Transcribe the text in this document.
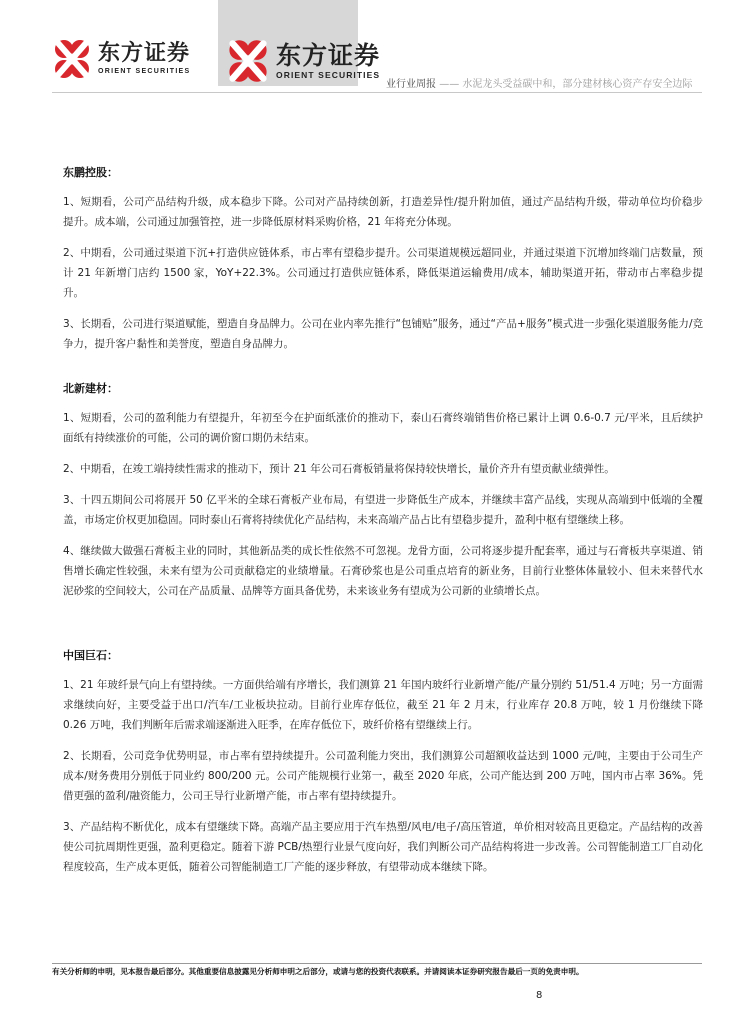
东方证券
ORIENT SECURITIES
东方证券
ORIENT SECURITIES
业行业周报 —— 水泥龙头受益碳中和，部分建材核心资产存安全边际
东鹏控股：

1、短期看，公司产品结构升级，成本稳步下降。公司对产品持续创新，打造差异性/提升附加值，通过产品结构升级，带动单位均价稳步提升。成本端，公司通过加强管控，进一步降低原材料采购价格，21 年将充分体现。

2、中期看，公司通过渠道下沉+打造供应链体系，市占率有望稳步提升。公司渠道规模远超同业，并通过渠道下沉增加终端门店数量，预计 21 年新增门店约 1500 家，YoY+22.3%。公司通过打造供应链体系，降低渠道运输费用/成本，辅助渠道开拓，带动市占率稳步提升。

3、长期看，公司进行渠道赋能，塑造自身品牌力。公司在业内率先推行“包铺贴”服务，通过“产品+服务”模式进一步强化渠道服务能力/竞争力，提升客户黏性和美誉度，塑造自身品牌力。

北新建材：

1、短期看，公司的盈利能力有望提升，年初至今在护面纸涨价的推动下，泰山石膏终端销售价格已累计上调 0.6-0.7 元/平米，且后续护面纸有持续涨价的可能，公司的调价窗口期仍未结束。

2、中期看，在竣工端持续性需求的推动下，预计 21 年公司石膏板销量将保持较快增长，量价齐升有望贡献业绩弹性。

3、十四五期间公司将展开 50 亿平米的全球石膏板产业布局，有望进一步降低生产成本，并继续丰富产品线，实现从高端到中低端的全覆盖，市场定价权更加稳固。同时泰山石膏将持续优化产品结构，未来高端产品占比有望稳步提升，盈利中枢有望继续上移。

4、继续做大做强石膏板主业的同时，其他新品类的成长性依然不可忽视。龙骨方面，公司将逐步提升配套率，通过与石膏板共享渠道、销售增长确定性较强，未来有望为公司贡献稳定的业绩增量。石膏砂浆也是公司重点培育的新业务，目前行业整体体量较小、但未来替代水泥砂浆的空间较大，公司在产品质量、品牌等方面具备优势，未来该业务有望成为公司新的业绩增长点。

中国巨石：

1、21 年玻纤景气向上有望持续。一方面供给端有序增长，我们测算 21 年国内玻纤行业新增产能/产量分别约 51/51.4 万吨；另一方面需求继续向好，主要受益于出口/汽车/工业板块拉动。目前行业库存低位，截至 21 年 2 月末，行业库存 20.8 万吨，较 1 月份继续下降 0.26 万吨，我们判断年后需求端逐渐进入旺季，在库存低位下，玻纤价格有望继续上行。

2、长期看，公司竞争优势明显，市占率有望持续提升。公司盈利能力突出，我们测算公司超额收益达到 1000 元/吨，主要由于公司生产成本/财务费用分别低于同业约 800/200 元。公司产能规模行业第一，截至 2020 年底，公司产能达到 200 万吨，国内市占率 36%。凭借更强的盈利/融资能力，公司王导行业新增产能，市占率有望持续提升。

3、产品结构不断优化，成本有望继续下降。高端产品主要应用于汽车热塑/风电/电子/高压管道，单价相对较高且更稳定。产品结构的改善使公司抗周期性更强，盈利更稳定。随着下游 PCB/热塑行业景气度向好，我们判断公司产品结构将进一步改善。公司智能制造工厂自动化程度较高，生产成本更低，随着公司智能制造工厂产能的逐步释放，有望带动成本继续下降。

有关分析师的申明，见本报告最后部分。其他重要信息披露见分析师申明之后部分，或请与您的投资代表联系。并请阅读本证券研究报告最后一页的免责申明。
8
